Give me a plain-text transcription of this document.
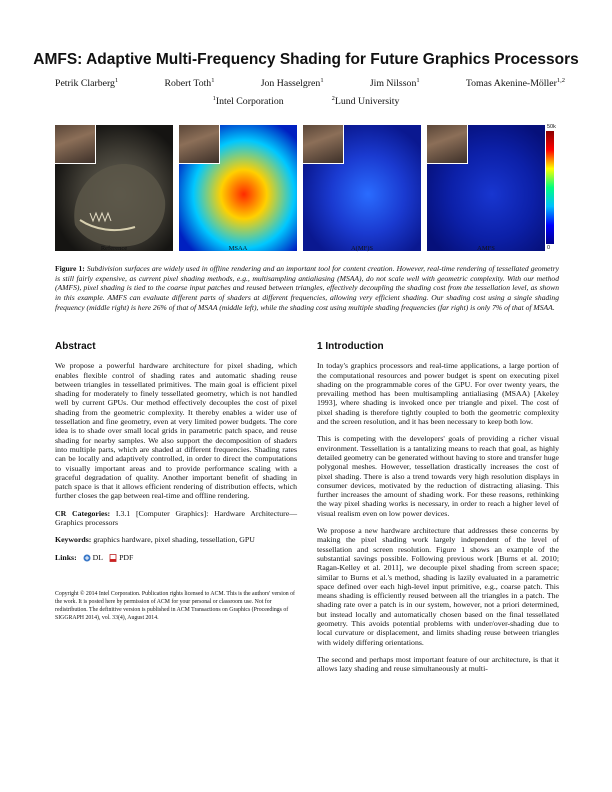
AMFS: Adaptive Multi-Frequency Shading for Future Graphics Processors
Petrik Clarberg$^1$	Robert Toth$^1$	Jon Hasselgren$^1$	Jim Nilsson$^1$	Tomas Akenine-Möller$^{1,2}$
$^1$Intel Corporation	$^2$Lund University
Reference	MSAA	A(MF)S	AMFS
50k
0
Figure 1: Subdivision surfaces are widely used in offline rendering and an important tool for content creation. However, real-time rendering of tessellated geometry is still fairly expensive, as current pixel shading methods, e.g., multisampling antialiasing (MSAA), do not scale well with geometric complexity. With our method (AMFS), pixel shading is tied to the coarse input patches and reused between triangles, effectively decoupling the shading cost from the tessellation level, as shown in this example. AMFS can evaluate different parts of shaders at different frequencies, allowing very efficient shading. Our shading cost using a single shading frequency (middle right) is here 26% of that of MSAA (middle left), while the shading cost using multiple shading frequencies (far right) is only 7% of that of MSAA.
Abstract

We propose a powerful hardware architecture for pixel shading, which enables flexible control of shading rates and automatic shading reuse between triangles in tessellated primitives. The main goal is efficient pixel shading for moderately to finely tessellated geometry, which is not handled well by current GPUs. Our method effectively decouples the cost of pixel shading from the geometric complexity. It thereby enables a wider use of tessellation and fine geometry, even at very limited power budgets. The core idea is to shade over small local grids in parametric patch space, and reuse shading for nearby samples. We also support the decomposition of shaders into multiple parts, which are shaded at different frequencies. Shading rates can be locally and adaptively controlled, in order to direct the computations to visually important areas and to provide performance scaling with a graceful degradation of quality. Another important benefit of shading in patch space is that it allows efficient rendering of distribution effects, which further closes the gap between real-time and offline rendering.

CR Categories: I.3.1 [Computer Graphics]: Hardware Architecture—Graphics processors

Keywords: graphics hardware, pixel shading, tessellation, GPU

Links:	DL	PDF

Copyright © 2014 Intel Corporation. Publication rights licensed to ACM. This is the authors' version of the work. It is posted here by permission of ACM for your personal or classroom use. Not for redistribution. The definitive version is published in ACM Transactions on Graphics (Proceedings of SIGGRAPH 2014), vol. 33(4), August 2014.

1 Introduction

In today's graphics processors and real-time applications, a large portion of the computational resources and power budget is spent on executing pixel shading on the programmable cores of the GPU. For over twenty years, the prevailing method has been multisampling antialiasing (MSAA) [Akeley 1993], where shading is invoked once per triangle and pixel. The cost of pixel shading is therefore tightly coupled to both the geometric complexity and the screen resolution, and it has been necessary to keep both low.

This is competing with the developers' goals of providing a richer visual environment. Tessellation is a tantalizing means to reach that goal, as highly detailed geometry can be generated without having to store and transfer huge polygonal meshes. However, tessellation drastically increases the cost of pixel shading. There is also a trend towards very high resolution displays in consumer devices, motivated by the reduction of distracting aliasing. This further increases the amount of shading work. For these reasons, rethinking the way pixel shading works is necessary, in order to reach a higher level of visual realism even on low power devices.

We propose a new hardware architecture that addresses these concerns by making the pixel shading work largely independent of the level of tessellation and screen resolution. Figure 1 shows an example of the substantial savings possible. Following previous work [Burns et al. 2010; Ragan-Kelley et al. 2011], we decouple pixel shading from screen space; similar to Burns et al.'s method, shading is lazily evaluated in a parametric space defined over each high-level input primitive, e.g., coarse patch. This means shading is efficiently reused between all the triangles in a patch. The shading rate over a patch is in our system, however, not a priori determined, but instead locally and automatically chosen based on the final tessellated geometry. This avoids potential problems with under/over-shading due to local curvature or displacement, and limits shading reuse between triangles with widely differing orientations.

The second and perhaps most important feature of our architecture, is that it allows lazy shading and reuse simultaneously at multi-
